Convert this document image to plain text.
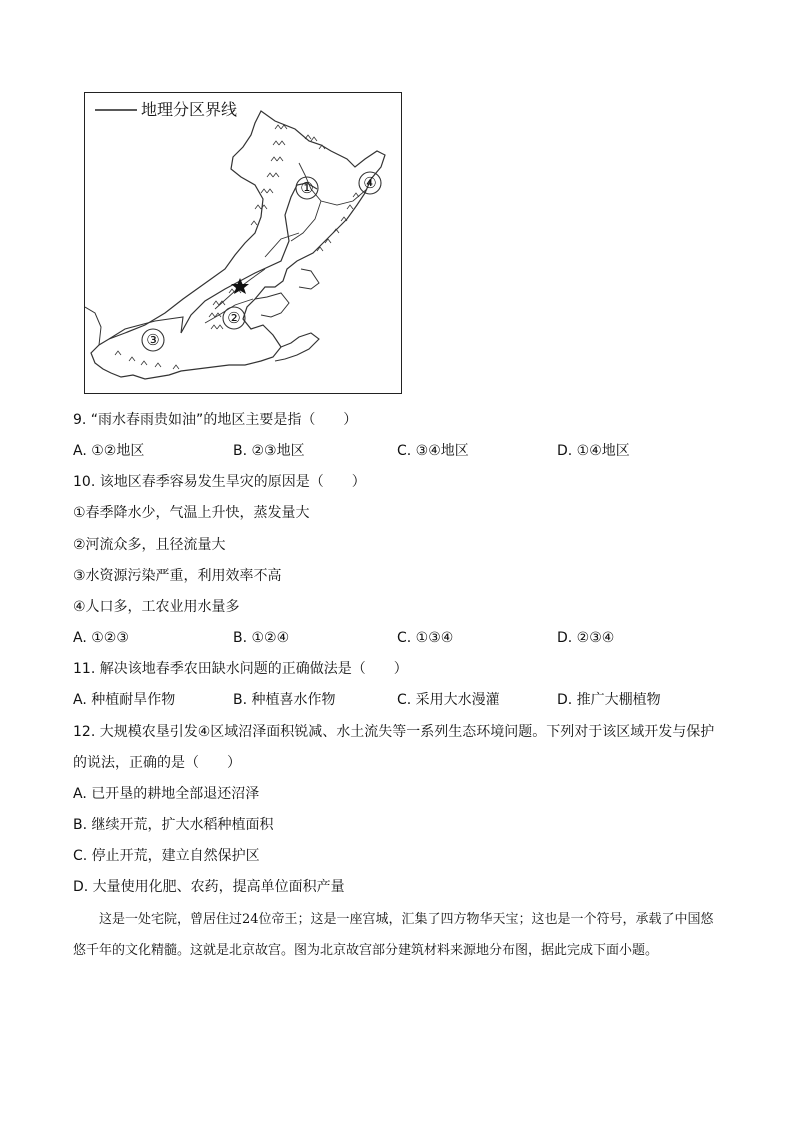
地理分区界线
①
②
③
④
9. “雨水春雨贵如油”的地区主要是指（　　）
A. ①②地区	B. ②③地区	C. ③④地区	D. ①④地区
10. 该地区春季容易发生旱灾的原因是（　　）
①春季降水少，气温上升快，蒸发量大
②河流众多，且径流量大
③水资源污染严重，利用效率不高
④人口多，工农业用水量多
A. ①②③	B. ①②④	C. ①③④	D. ②③④
11. 解决该地春季农田缺水问题的正确做法是（　　）
A. 种植耐旱作物	B. 种植喜水作物	C. 采用大水漫灌	D. 推广大棚植物
12. 大规模农垦引发④区域沼泽面积锐减、水土流失等一系列生态环境问题。下列对于该区域开发与保护
的说法，正确的是（　　）
A. 已开垦的耕地全部退还沼泽
B. 继续开荒，扩大水稻种植面积
C. 停止开荒，建立自然保护区
D. 大量使用化肥、农药，提高单位面积产量
这是一处宅院，曾居住过24位帝王；这是一座宫城，汇集了四方物华天宝；这也是一个符号，承载了中国悠悠千年的文化精髓。这就是北京故宫。图为北京故宫部分建筑材料来源地分布图，据此完成下面小题。
